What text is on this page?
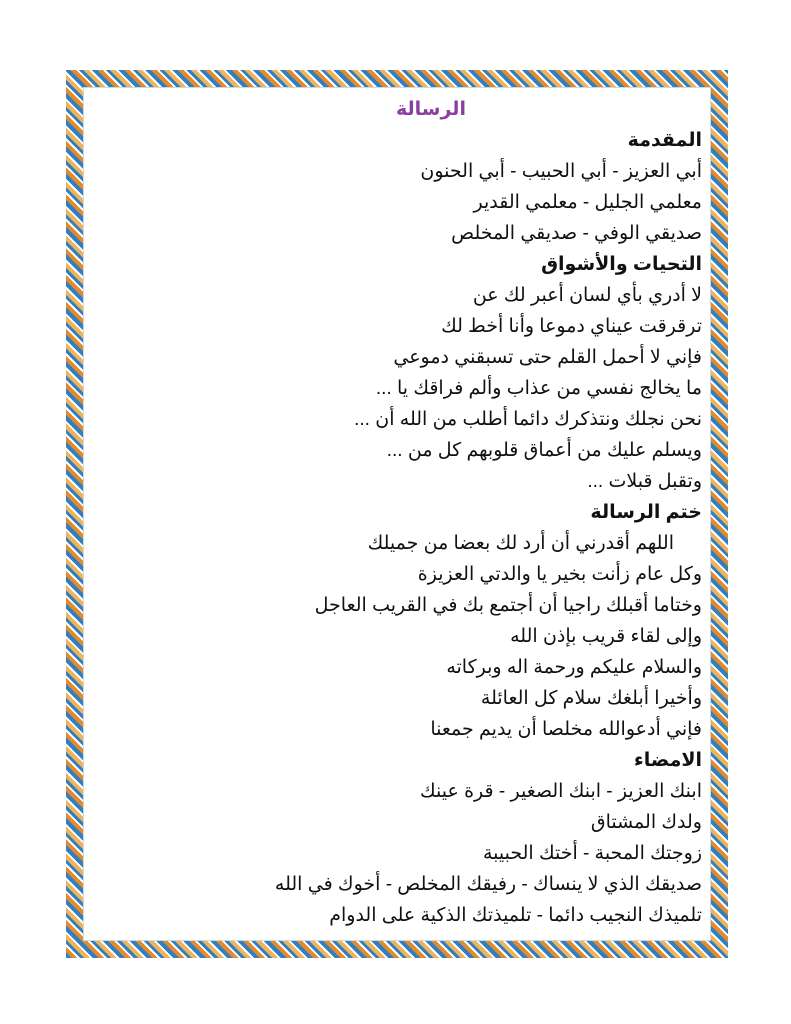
الرسالة
المقدمة
أبي العزيز - أبي الحبيب - أبي الحنون
معلمي الجليل - معلمي القدير
صديقي الوفي - صديقي المخلص
التحيات والأشواق
لا أدري بأي لسان أعبر لك عن
ترقرقت عيناي دموعا وأنا أخط لك
فإني لا أحمل القلم حتى تسبقني دموعي
ما يخالج نفسي من عذاب وألم فراقك يا ...
نحن نجلك ونتذكرك دائما أطلب من الله أن ...
ويسلم عليك من أعماق قلوبهم كل من ...
وتقبل قبلات ...
ختم الرسالة
اللهم أقدرني أن أرد لك بعضا من جميلك
وكل عام زأنت بخير يا والدتي العزيزة
وختاما أقبلك راجيا أن أجتمع بك في القريب العاجل
وإلى لقاء قريب بإذن الله
والسلام عليكم ورحمة اله وبركاته
وأخيرا أبلغك سلام كل العائلة
فإني أدعوالله مخلصا أن يديم جمعنا
الامضاء
ابنك العزيز - ابنك الصغير - قرة عينك
ولدك المشتاق
زوجتك المحبة - أختك الحبيبة
صديقك الذي لا ينساك - رفيقك المخلص - أخوك في الله
تلميذك النجيب دائما - تلميذتك الذكية على الدوام
